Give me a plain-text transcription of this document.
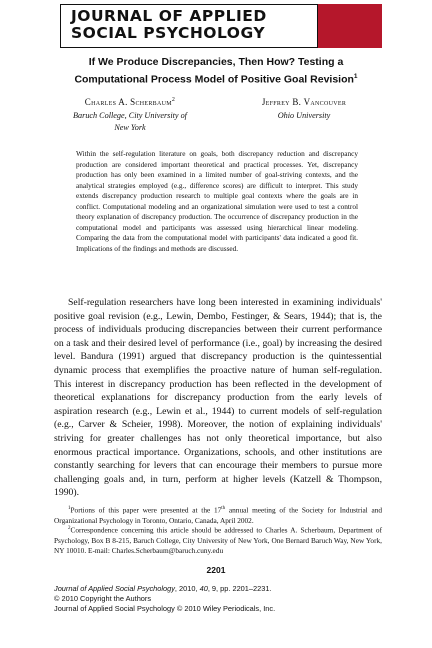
JOURNAL OF APPLIED
SOCIAL PSYCHOLOGY
If We Produce Discrepancies, Then How? Testing a
Computational Process Model of Positive Goal Revision$^1$
Charles A. Scherbaum$^2$
Baruch College, City University of
New York
Jeffrey B. Vancouver
Ohio University
Within the self-regulation literature on goals, both discrepancy reduction and discrepancy production are considered important theoretical and practical processes. Yet, discrepancy production has only been examined in a limited number of goal-striving contexts, and the analytical strategies employed (e.g., difference scores) are difficult to interpret. This study extends discrepancy production research to multiple goal contexts where the goals are in conflict. Computational modeling and an organizational simulation were used to test a control theory explanation of discrepancy production. The occurrence of discrepancy production in the computational model and participants was assessed using hierarchical linear modeling. Comparing the data from the computational model with participants' data indicated a good fit. Implications of the findings and methods are discussed.
Self-regulation researchers have long been interested in examining individuals' positive goal revision (e.g., Lewin, Dembo, Festinger, & Sears, 1944); that is, the process of individuals producing discrepancies between their current performance on a task and their desired level of performance (i.e., goal) by increasing the desired level. Bandura (1991) argued that discrepancy production is the quintessential dynamic process that exemplifies the proactive nature of human self-regulation. This interest in discrepancy production has been reflected in the development of theoretical explanations for discrepancy production from the early levels of aspiration research (e.g., Lewin et al., 1944) to current models of self-regulation (e.g., Carver & Scheier, 1998). Moreover, the notion of explaining individuals' striving for greater challenges has not only theoretical importance, but also enormous practical importance. Organizations, schools, and other institutions are constantly searching for levers that can encourage their members to pursue more challenging goals and, in turn, perform at higher levels (Katzell & Thompson, 1990).
$^1$Portions of this paper were presented at the 17th annual meeting of the Society for Industrial and Organizational Psychology in Toronto, Ontario, Canada, April 2002.
$^2$Correspondence concerning this article should be addressed to Charles A. Scherbaum, Department of Psychology, Box B 8-215, Baruch College, City University of New York, One Bernard Baruch Way, New York, NY 10010. E-mail: Charles.Scherbaum@baruch.cuny.edu
2201
Journal of Applied Social Psychology, 2010, 40, 9, pp. 2201–2231.
© 2010 Copyright the Authors
Journal of Applied Social Psychology © 2010 Wiley Periodicals, Inc.
